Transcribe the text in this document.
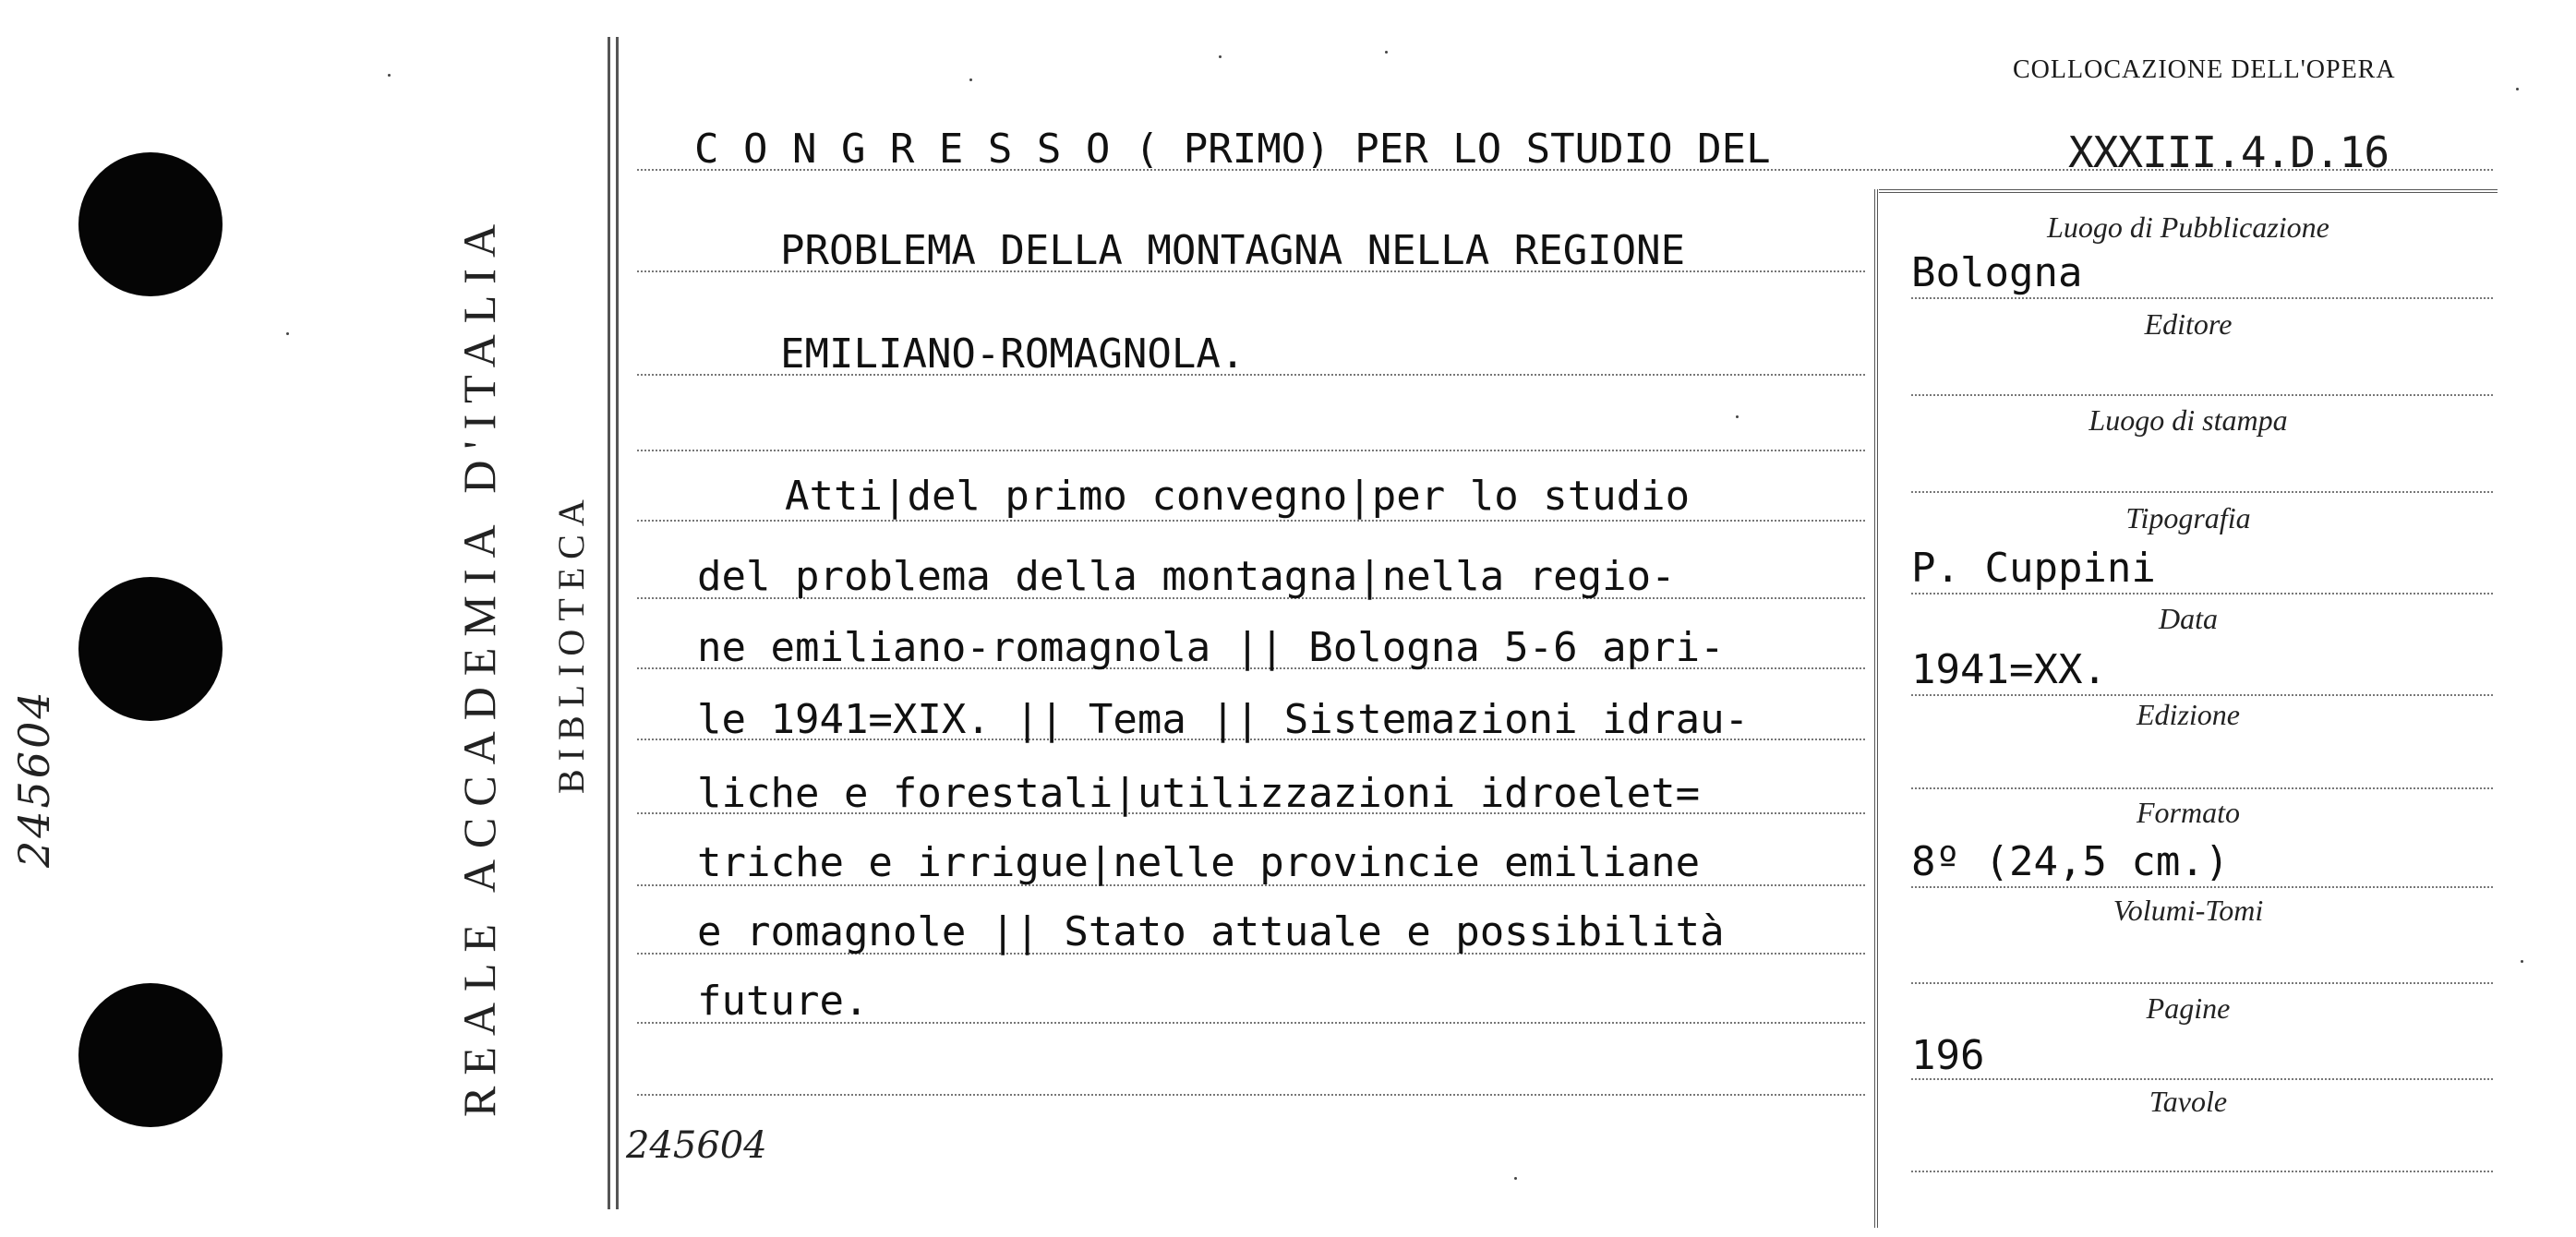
245604	REALE ACCADEMIA D'ITALIA BIBLIOTECA
COLLOCAZIONE DELL'OPERA
XXXIII.4.D.16
C O N G R E S S O ( PRIMO) PER LO STUDIO DEL
PROBLEMA DELLA MONTAGNA NELLA REGIONE
EMILIANO-ROMAGNOLA.
Atti|del primo convegno|per lo studio
del problema della montagna|nella regio-
ne emiliano-romagnola || Bologna 5-6 apri-
le 1941=XIX. || Tema || Sistemazioni idrau-
liche e forestali|utilizzazioni idroelet=
triche e irrigue|nelle provincie emiliane
e romagnole || Stato attuale e possibilità
future.
245604
Luogo di Pubblicazione
Bologna
Editore
Luogo di stampa
Tipografia
P. Cuppini
Data
1941=XX.
Edizione
Formato
8º (24,5 cm.)
Volumi-Tomi
Pagine
196
Tavole
